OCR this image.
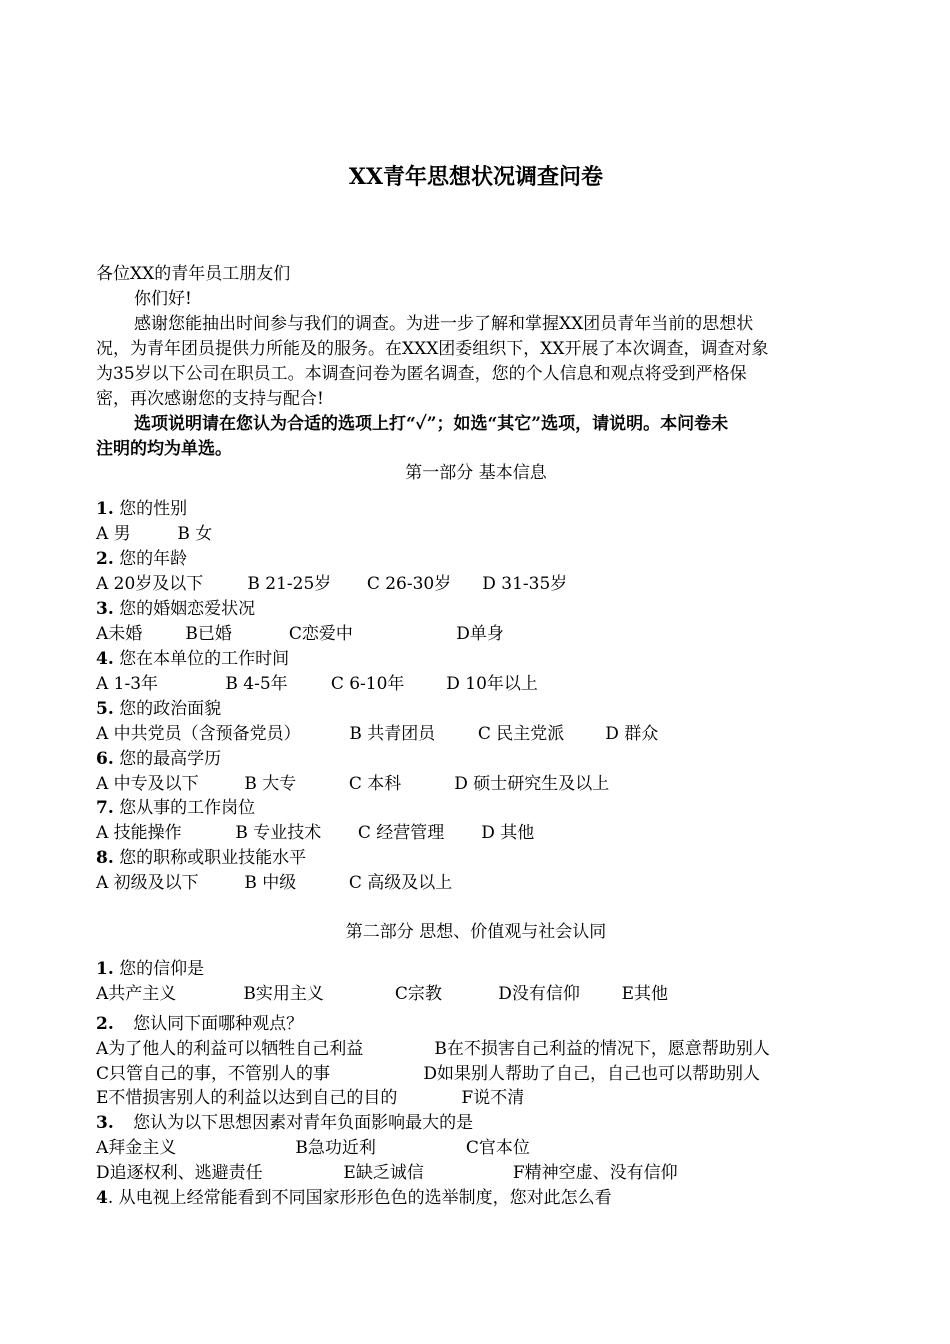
XX青年思想状况调查问卷
各位XX的青年员工朋友们
你们好!
感谢您能抽出时间参与我们的调查。为进一步了解和掌握XX团员青年当前的思想状
况，为青年团员提供力所能及的服务。在XXX团委组织下，XX开展了本次调查，调查对象
为35岁以下公司在职员工。本调查问卷为匿名调查，您的个人信息和观点将受到严格保
密，再次感谢您的支持与配合!
选项说明请在您认为合适的选项上打“✓”；如选“其它”选项，请说明。本问卷未
注明的均为单选。
第一部分 基本信息
1. 您的性别
A 男	B 女
2. 您的年龄
A 20岁及以下	B 21-25岁 C 26-30岁 D 31-35岁
3. 您的婚姻恋爱状况
A未婚	B已婚	C恋爱中	D单身
4. 您在本单位的工作时间
A 1-3年	B 4-5年	C 6-10年 D 10年以上
5. 您的政治面貌
A 中共党员（含预备党员）	B 共青团员	C 民主党派 D 群众
6. 您的最高学历
A 中专及以下	B 大专	C 本科	D 硕士研究生及以上
7. 您从事的工作岗位
A 技能操作	B 专业技术 C 经营管理 D 其他
8. 您的职称或职业技能水平
A 初级及以下	B 中级	C 高级及以上
第二部分 思想、价值观与社会认同
1. 您的信仰是
A共产主义	B实用主义	C宗教	D没有信仰 E其他
2. 您认同下面哪种观点？
A为了他人的利益可以牺牲自己利益	B在不损害自己利益的情况下，愿意帮助别人
C只管自己的事，不管别人的事	D如果别人帮助了自己，自己也可以帮助别人
E不惜损害别人的利益以达到自己的目的	F说不清
3. 您认为以下思想因素对青年负面影响最大的是
A拜金主义	B急功近利	C官本位
D追逐权利、逃避责任	E缺乏诚信	F精神空虚、没有信仰
4. 从电视上经常能看到不同国家形形色色的选举制度，您对此怎么看
